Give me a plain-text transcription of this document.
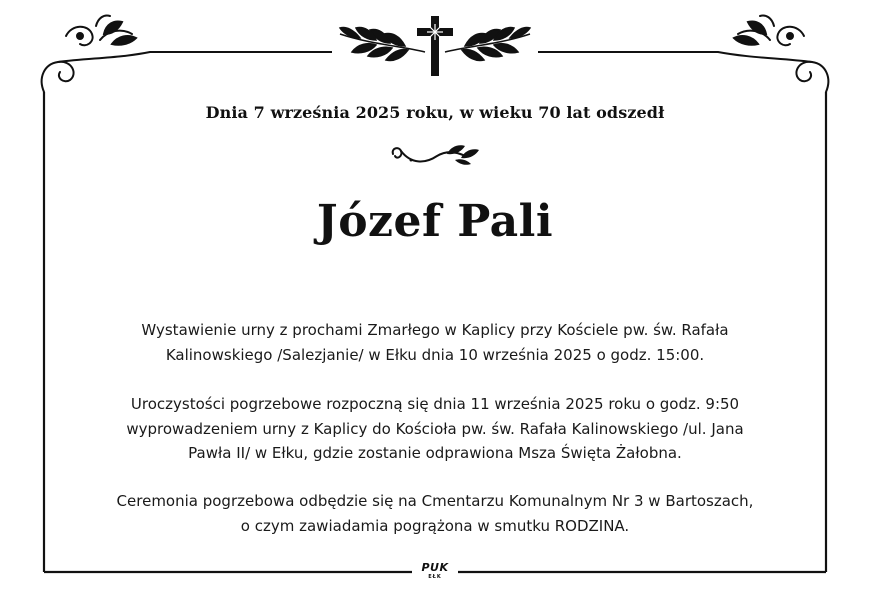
Dnia 7 września 2025 roku, w wieku 70 lat odszedł
Józef Pali
Wystawienie urny z prochami Zmarłego w Kaplicy przy Kościele pw. św. Rafała
Kalinowskiego /Salezjanie/ w Ełku dnia 10 września 2025 o godz. 15:00.
Uroczystości pogrzebowe rozpoczną się dnia 11 września 2025 roku o godz. 9:50
wyprowadzeniem urny z Kaplicy do Kościoła pw. św. Rafała Kalinowskiego /ul. Jana
Pawła II/ w Ełku, gdzie zostanie odprawiona Msza Święta Żałobna.
Ceremonia pogrzebowa odbędzie się na Cmentarzu Komunalnym Nr 3 w Bartoszach,
o czym zawiadamia pogrążona w smutku RODZINA.
PUK
EŁK
